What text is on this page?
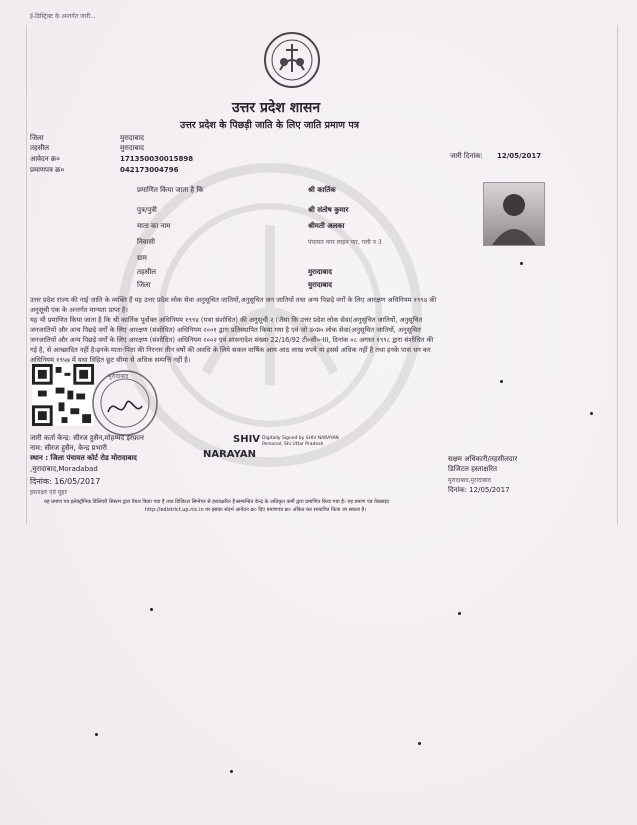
ई-डिस्ट्रिक्ट के अन्तर्गत जारी...
उत्तर प्रदेश शासन
उत्तर प्रदेश के पिछड़ी जाति के लिए जाति प्रमाण पत्र
जिला	मुरादाबाद
तहसील	मुरादाबाद
आवेदन क्र०	171350030015898
प्रमाणपत्र क्र०	042173004796
जारी दिनांक: 12/05/2017
प्रमाणित किया जाता है कि	श्री कार्तिक
पुत्र/पुत्री	श्री संतोष कुमार
माता का नाम	श्रीमती अलका
निवासी	पंचायत नगर लाइन पार, गली न 3
ग्राम
तहसील	मुरादाबाद
जिला	मुरादाबाद
उत्तर प्रदेश राज्य की नाई जाति के व्यक्ति हैं यह उत्तर प्रदेश लोक सेवा अनुसूचित जातियों,अनुसूचित जन जातियों तथा अन्य पिछड़े वर्गों के लिए आरक्षण अधिनियम १९९४ की
अनुसूची एक के अन्तर्गत मान्यता प्राप्त है।
यह भी प्रमाणित किया जाता है कि श्री कार्तिक पूर्वोक्त अधिनियम १९९४ (यथा संशोधित) की अनुसूची २ (जैसा कि उत्तर प्रदेश लोक सेवा(अनुसूचित जातियों, अनुसूचित
जनजातियों और अन्य पिछड़े वर्गों के लिए आरक्षण (संशोधित) अधिनियम २००१ द्वारा प्रतिस्थापित किया गया है एवं जो उ०प्र० लोक सेवा(अनुसूचित जातियों, अनुसूचित
जनजातियों और अन्य पिछड़े वर्गों के लिए आरक्षण (संशोधित) अधिनियम २००२ एवं शासनादेश संख्या 22/16/92 टी०सी०-III, दिनांक ०८ अगस्त १९९८ द्वारा संशोधित की
गई है, से आच्छादित नहीं है।इनके माता-पिता की निरन्तर तीन वर्षों की अवधि के लिये सकल वार्षिक आय आठ लाख रुपये या इससे अधिक नहीं है तथा इनके पास धन कर
अधिनियम १९५७ में यथा विहित छूट सीमा से अधिक सम्पत्ति नहीं है।
मुरादाबाद
जारी कर्ता केन्द्र: सीरज हुसैन,मोहम्मद इरफ़ान
नाम: सीरज हुसैन, केन्द्र प्रभारी
स्थान : जिला पंचायत कोर्ट रोड मोरादाबाद
,मुरादाबाद,Moradabad
दिनांक: 16/05/2017
हस्ताक्षर एवं मुहर
SHIV
NARAYAN
Digitally Signed by SHIV NARAYAN
Personal, Shi Uttar Pradesh
सक्षम अधिकारी/तहसीलदार
डिजिटल हस्ताक्षरित
मुरादाबाद,मुरादाबाद
दिनांक: 12/05/2017
यह प्रमाण पत्र इलेक्ट्रॉनिक डिलिवरी सिस्टम द्वारा तैयार किया गया है तथा डिजिटल सिग्नेचर से हस्ताक्षरित है।सम्बन्धित केन्द्र के अधिकृत कर्मी द्वारा प्रमाणित किया गया है। यह प्रमाण पत्र वेबसाइट
http://edistrict.up.nic.in पर इसका संदर्भ आवेदन क्र० दिए प्रमाणपत्र क्र० अंकित कर सत्यापित किया जा सकता है।
